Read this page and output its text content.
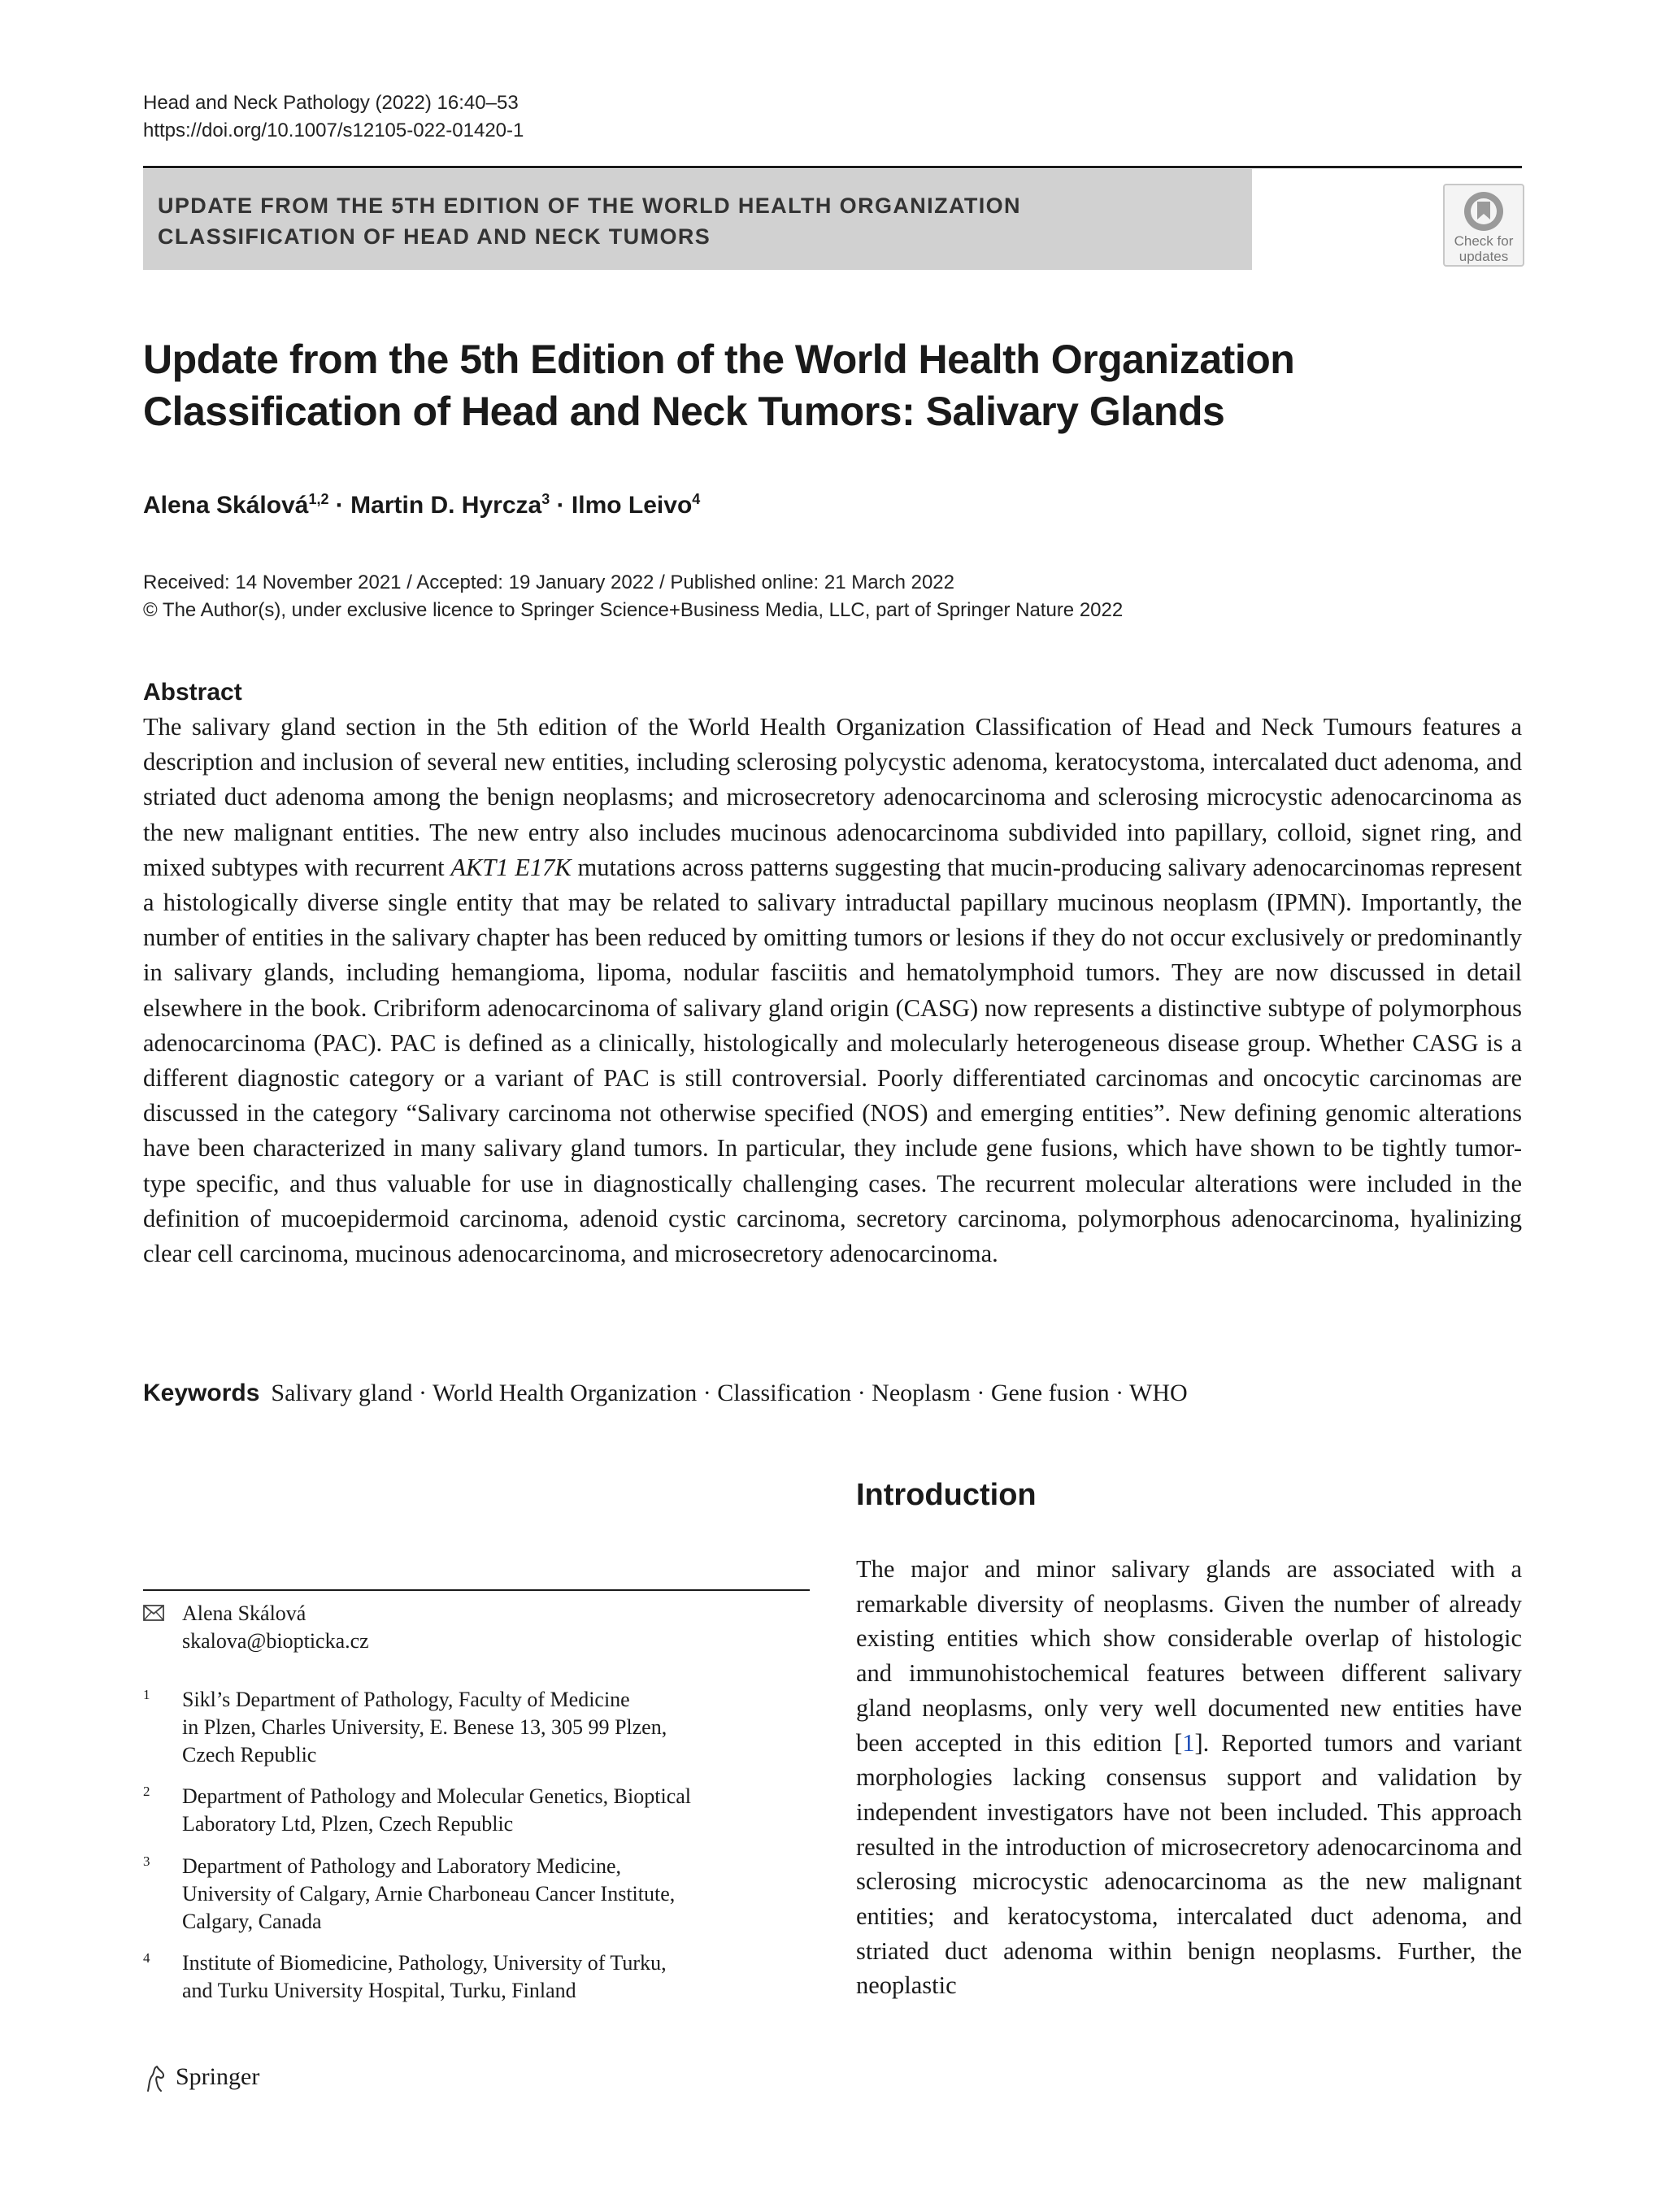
Head and Neck Pathology (2022) 16:40–53
https://doi.org/10.1007/s12105-022-01420-1
UPDATE FROM THE 5TH EDITION OF THE WORLD HEALTH ORGANIZATION
CLASSIFICATION OF HEAD AND NECK TUMORS	Check for
updates
Update from the 5th Edition of the World Health Organization
Classification of Head and Neck Tumors: Salivary Glands
Alena Skálová$^{1,2}$ · Martin D. Hyrcza$^3$ · Ilmo Leivo$^4$
Received: 14 November 2021 / Accepted: 19 January 2022 / Published online: 21 March 2022
© The Author(s), under exclusive licence to Springer Science+Business Media, LLC, part of Springer Nature 2022
Abstract
The salivary gland section in the 5th edition of the World Health Organization Classification of Head and Neck Tumours features a description and inclusion of several new entities, including sclerosing polycystic adenoma, keratocystoma, intercalated duct adenoma, and striated duct adenoma among the benign neoplasms; and microsecretory adenocarcinoma and sclerosing microcystic adenocarcinoma as the new malignant entities. The new entry also includes mucinous adenocarcinoma subdivided into papillary, colloid, signet ring, and mixed subtypes with recurrent AKT1 E17K mutations across patterns suggesting that mucin-producing salivary adenocarcinomas represent a histologically diverse single entity that may be related to salivary intraductal papillary mucinous neoplasm (IPMN). Importantly, the number of entities in the salivary chapter has been reduced by omitting tumors or lesions if they do not occur exclusively or predominantly in salivary glands, including hemangioma, lipoma, nodular fasciitis and hematolymphoid tumors. They are now discussed in detail elsewhere in the book. Cribriform adenocarcinoma of salivary gland origin (CASG) now represents a distinctive subtype of polymorphous adenocarcinoma (PAC). PAC is defined as a clinically, histologically and molecularly heterogeneous disease group. Whether CASG is a different diagnostic category or a variant of PAC is still controversial. Poorly differentiated carcinomas and oncocytic carcinomas are discussed in the category “Salivary carcinoma not otherwise specified (NOS) and emerging entities”. New defining genomic alterations have been characterized in many salivary gland tumors. In particular, they include gene fusions, which have shown to be tightly tumor-type specific, and thus valuable for use in diagnostically challenging cases. The recurrent molecular alterations were included in the definition of mucoepidermoid carcinoma, adenoid cystic carcinoma, secretory carcinoma, polymorphous adenocarcinoma, hyalinizing clear cell carcinoma, mucinous adenocarcinoma, and microsecretory adenocarcinoma.
Keywords Salivary gland · World Health Organization · Classification · Neoplasm · Gene fusion · WHO
Introduction
The major and minor salivary glands are associated with a remarkable diversity of neoplasms. Given the number of already existing entities which show considerable overlap of histologic and immunohistochemical features between different salivary gland neoplasms, only very well documented new entities have been accepted in this edition [1]. Reported tumors and variant morphologies lacking consensus support and validation by independent investigators have not been included. This approach resulted in the introduction of microsecretory adenocarcinoma and sclerosing microcystic adenocarcinoma as the new malignant entities; and keratocystoma, intercalated duct adenoma, and striated duct adenoma within benign neoplasms. Further, the neoplastic
Alena Skálová
skalova@biopticka.cz
1 Sikl’s Department of Pathology, Faculty of Medicine
in Plzen, Charles University, E. Benese 13, 305 99 Plzen,
Czech Republic
2 Department of Pathology and Molecular Genetics, Bioptical
Laboratory Ltd, Plzen, Czech Republic
3 Department of Pathology and Laboratory Medicine,
University of Calgary, Arnie Charboneau Cancer Institute,
Calgary, Canada
4 Institute of Biomedicine, Pathology, University of Turku,
and Turku University Hospital, Turku, Finland
Springer
